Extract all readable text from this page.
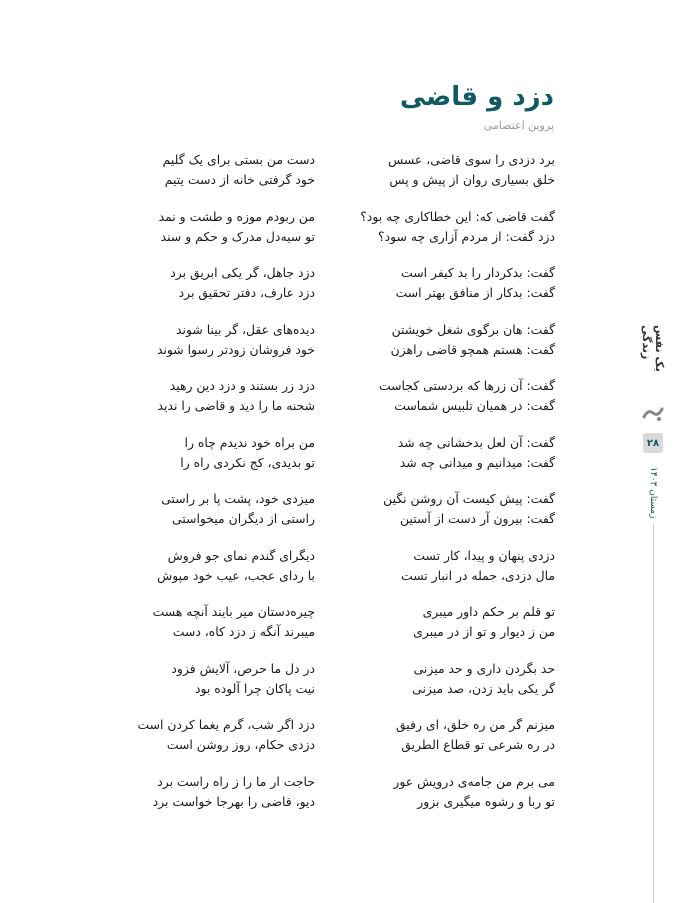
دزد و قاضی
پروین اعتصامی
برد دزدی را سوی قاضی، عسس
خلق بسیاری روان از پیش و پس
گفت قاضی که: این خطاکاری چه بود؟
دزد گفت: از مردم آزاری چه سود؟
گفت: بدکردار را بد کیفر است
گفت: بدکار از منافق بهتر است
گفت: هان برگوی شغل خویشتن
گفت: هستم همچو قاضی راهزن
گفت: آن زرها که بردستی کجاست
گفت: در همیان تلبیس شماست
گفت: آن لعل بدخشانی چه شد
گفت: میدانیم و میدانی چه شد
گفت: پیش کیست آن روشن نگین
گفت: بیرون آر دست از آستین
دزدی پنهان و پیدا، کار تست
مال دزدی، جمله در انبار تست
تو قلم بر حکم داور میبری
من ز دیوار و تو از در میبری
حد بگردن داری و حد میزنی
گر یکی باید زدن، صد میزنی
میزنم گر من ره خلق، ای رفیق
در ره شرعی تو قطاع الطریق
می برم من جامه‌ی درویش عور
تو ربا و رشوه میگیری بزور
دست من بستی برای یک گلیم
خود گرفتی خانه از دست یتیم
من ربودم موزه و طشت و نمد
تو سیه‌دل مدرک و حکم و سند
دزد جاهل، گر یکی ابریق برد
دزد عارف، دفتر تحقیق برد
دیده‌های عقل، گر بینا شوند
خود فروشان زودتر رسوا شوند
دزد زر بستند و دزد دین رهید
شحنه ما را دید و قاضی را ندید
من براه خود ندیدم چاه را
تو بدیدی، کج نکردی راه را
میزدی خود، پشت پا بر راستی
راستی از دیگران میخواستی
دیگرای گندم نمای جو فروش
با ردای عجب، عیب خود مپوش
چیره‌دستان میر بایند آنچه هست
میبرند آنگه ز دزد کاه، دست
در دل ما حرص، آلایش فزود
نیت پاکان چرا آلوده بود
دزد اگر شب، گرم یغما کردن است
دزدی حکام، روز روشن است
حاجت ار ما را ز راه راست برد
دیو، قاضی را بهرجا خواست برد
یک نفس زندگی
۲۸
زمستان ۱۴۰۳
